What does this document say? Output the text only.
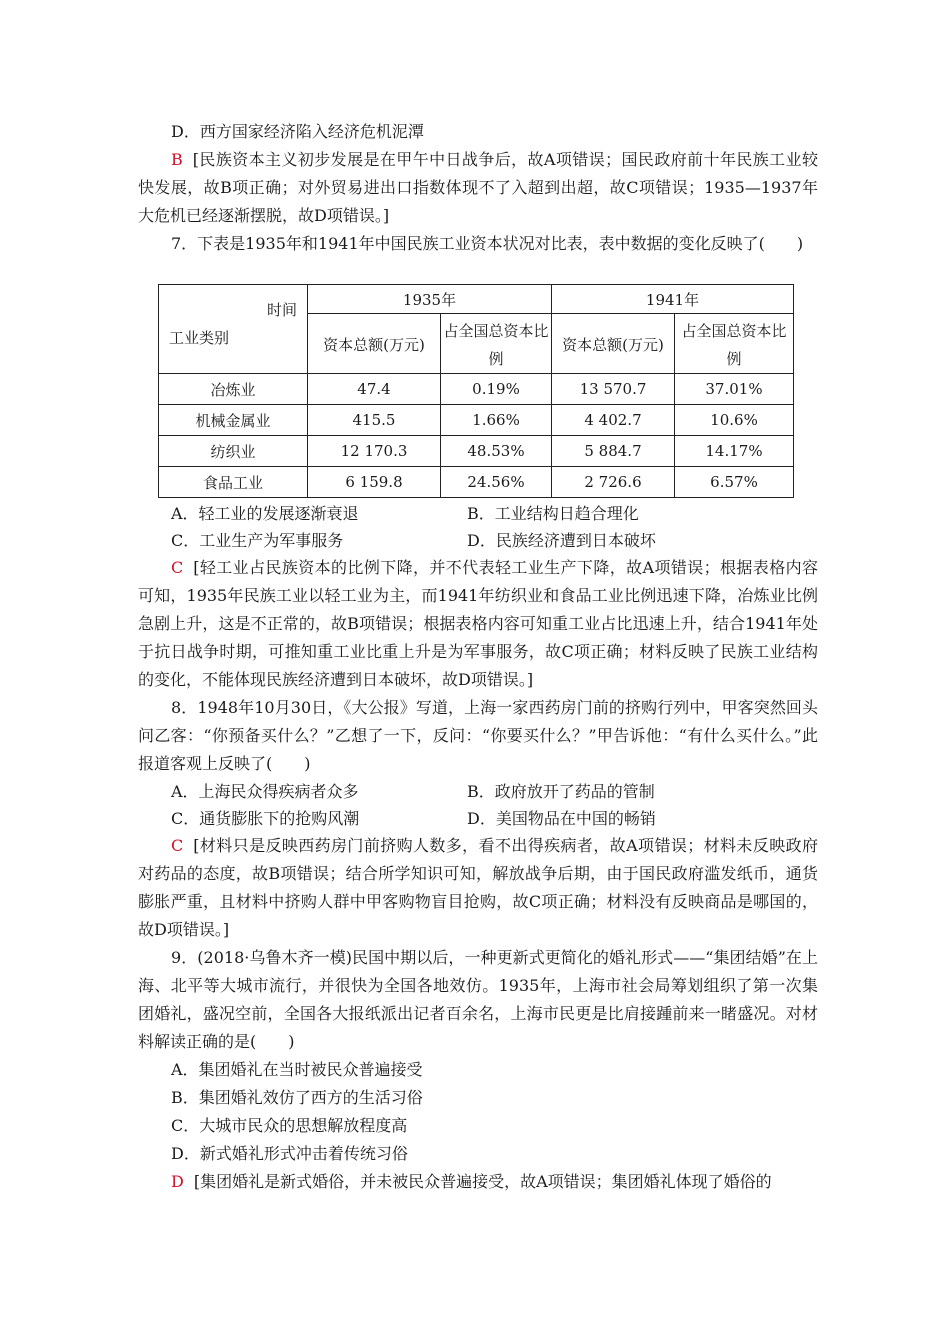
D．西方国家经济陷入经济危机泥潭

B [民族资本主义初步发展是在甲午中日战争后，故A项错误；国民政府前十年民族工业较快发展，故B项正确；对外贸易进出口指数体现不了入超到出超，故C项错误；1935—1937年大危机已经逐渐摆脱，故D项错误。]

7．下表是1935年和1941年中国民族工业资本状况对比表，表中数据的变化反映了(　　)

时间
工业类别	1935年		1941年	

	资本总额(万元)	占全国总资本比例	资本总额(万元)	占全国总资本比例

冶炼业	47.4	0.19%	13 570.7	37.01%
机械金属业	415.5	1.66%	4 402.7	10.6%
纺织业	12 170.3	48.53%	5 884.7	14.17%
食品工业	6 159.8	24.56%	2 726.6	6.57%
A．轻工业的发展逐渐衰退	B．工业结构日趋合理化
C．工业生产为军事服务	D．民族经济遭到日本破坏

C [轻工业占民族资本的比例下降，并不代表轻工业生产下降，故A项错误；根据表格内容可知，1935年民族工业以轻工业为主，而1941年纺织业和食品工业比例迅速下降，冶炼业比例急剧上升，这是不正常的，故B项错误；根据表格内容可知重工业占比迅速上升，结合1941年处于抗日战争时期，可推知重工业比重上升是为军事服务，故C项正确；材料反映了民族工业结构的变化，不能体现民族经济遭到日本破坏，故D项错误。]

8．1948年10月30日，《大公报》写道，上海一家西药房门前的挤购行列中，甲客突然回头问乙客：“你预备买什么？”乙想了一下，反问：“你要买什么？”甲告诉他：“有什么买什么。”此报道客观上反映了(　　)

A．上海民众得疾病者众多	B．政府放开了药品的管制
C．通货膨胀下的抢购风潮	D．美国物品在中国的畅销

C [材料只是反映西药房门前挤购人数多，看不出得疾病者，故A项错误；材料未反映政府对药品的态度，故B项错误；结合所学知识可知，解放战争后期，由于国民政府滥发纸币，通货膨胀严重，且材料中挤购人群中甲客购物盲目抢购，故C项正确；材料没有反映商品是哪国的，故D项错误。]

9．(2018·乌鲁木齐一模)民国中期以后，一种更新式更简化的婚礼形式——“集团结婚”在上海、北平等大城市流行，并很快为全国各地效仿。1935年，上海市社会局筹划组织了第一次集团婚礼，盛况空前，全国各大报纸派出记者百余名，上海市民更是比肩接踵前来一睹盛况。对材料解读正确的是(　　)

A．集团婚礼在当时被民众普遍接受

B．集团婚礼效仿了西方的生活习俗

C．大城市民众的思想解放程度高

D．新式婚礼形式冲击着传统习俗

D [集团婚礼是新式婚俗，并未被民众普遍接受，故A项错误；集团婚礼体现了婚俗的
